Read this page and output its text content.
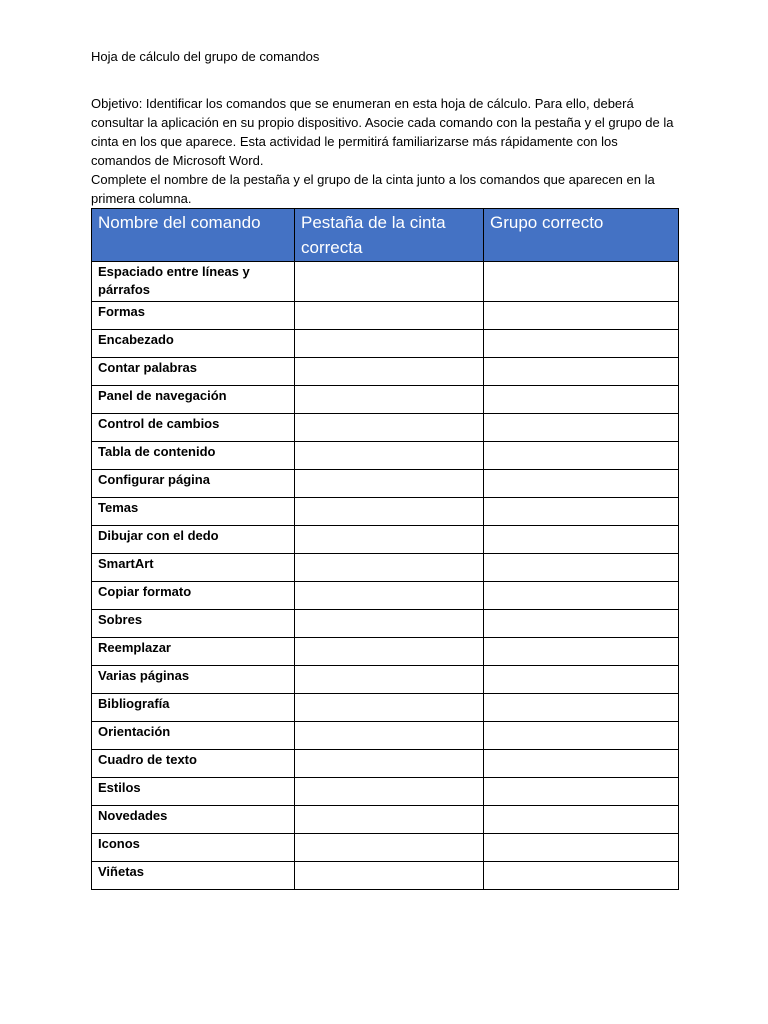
Hoja de cálculo del grupo de comandos

Objetivo: Identificar los comandos que se enumeran en esta hoja de cálculo. Para ello, deberá consultar la aplicación en su propio dispositivo. Asocie cada comando con la pestaña y el grupo de la cinta en los que aparece. Esta actividad le permitirá familiarizarse más rápidamente con los comandos de Microsoft Word.

Complete el nombre de la pestaña y el grupo de la cinta junto a los comandos que aparecen en la primera columna.

Nombre del comando	Pestaña de la cinta correcta	Grupo correcto
Espaciado entre líneas y párrafos		
Formas		
Encabezado		
Contar palabras		
Panel de navegación		
Control de cambios		
Tabla de contenido		
Configurar página		
Temas		
Dibujar con el dedo		
SmartArt		
Copiar formato		
Sobres		
Reemplazar		
Varias páginas		
Bibliografía		
Orientación		
Cuadro de texto		
Estilos		
Novedades		
Iconos		
Viñetas		
